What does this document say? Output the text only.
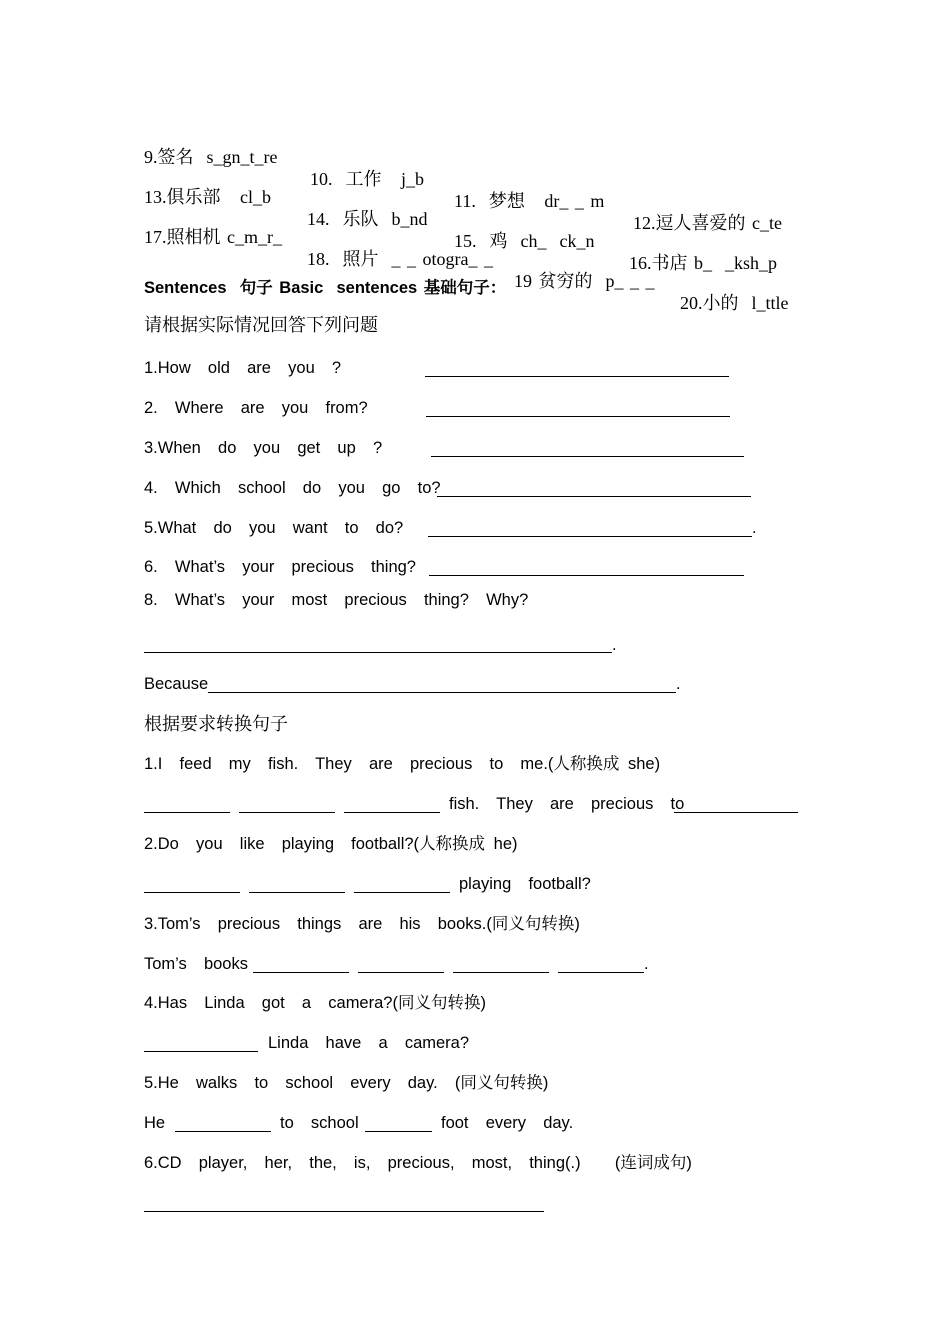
9.签名  s_gn_t_re

10.  工作   j_b

11.  梦想   dr_ _ m

12.逗人喜爱的 c_te

13.俱乐部   cl_b

14.  乐队  b_nd

15.  鸡  ch_  ck_n

16.书店 b_  _ksh_p

17.照相机 c_m_r_

18.  照片  _ _ otogra_ _

19 贫穷的  p_ _ _

20.小的  l_ttle

Sentences  句子 Basic  sentences 基础句子：
请根据实际情况回答下列问题
1.How  old  are  you  ?
2.  Where  are  you  from?
3.When  do  you  get  up  ?
4.  Which  school  do  you  go  to?
5.What  do  you  want  to  do?	.
6.  What’s  your  precious  thing?
8.  What’s  your  most  precious  thing?  Why?
.
Because	.
根据要求转换句子
1.I  feed  my  fish.  They  are  precious  to  me.(人称换成 she)
fish.  They  are  precious  to
2.Do  you  like  playing  football?(人称换成 he)
playing  football?
3.Tom’s  precious  things  are  his  books.(同义句转换)
Tom’s  books	.
4.Has  Linda  got  a  camera?(同义句转换)
Linda  have  a  camera?
5.He  walks  to  school  every  day.  (同义句转换)
He	to  school	foot  every  day.
6.CD  player,  her,  the,  is,  precious,  most,  thing(.)    (连词成句)
